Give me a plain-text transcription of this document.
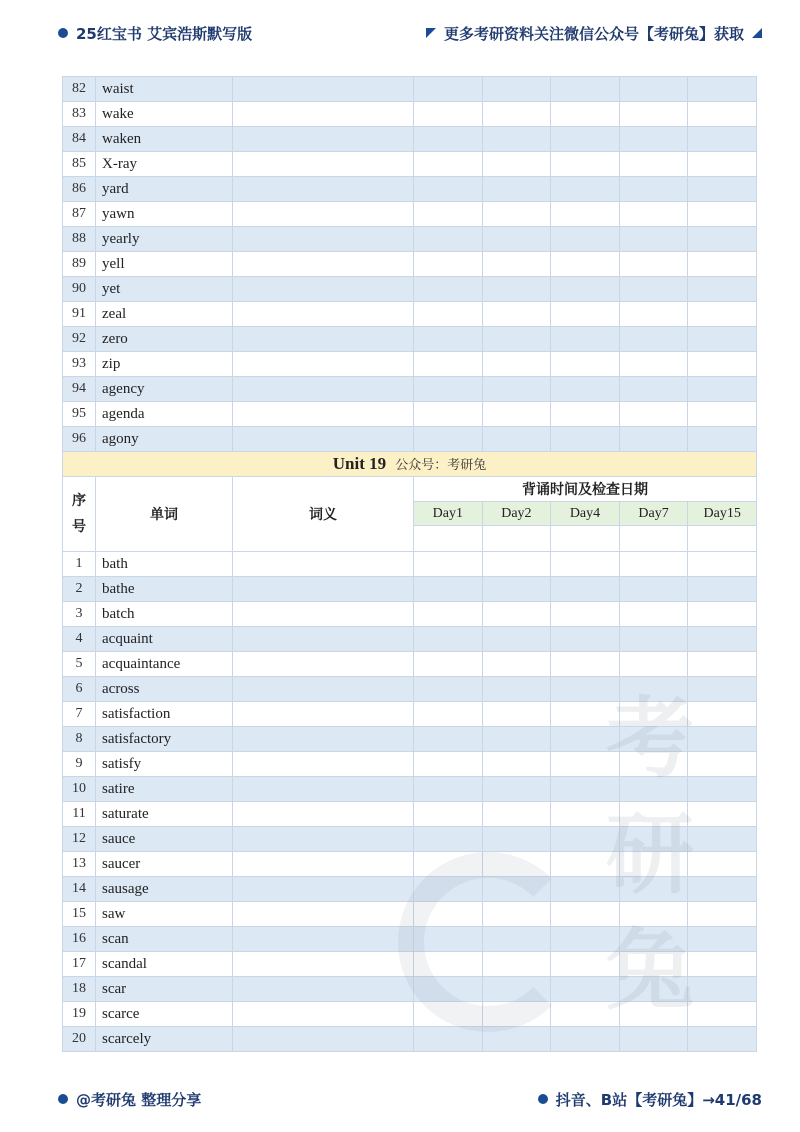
25红宝书 艾宾浩斯默写版	更多考研资料关注微信公众号【考研兔】获取
研
兔
82	waist						
83	wake						
84	waken						
85	X-ray						
86	yard						
87	yawn						
88	yearly						
89	yell						
90	yet						
91	zeal						
92	zero						
93	zip						
94	agency						
95	agenda						
96	agony						
Unit 19 公众号：考研兔							

序
号	单词	词义	背诵时间及检查日期				
			Day1	Day2	Day4	Day7	Day15

1	bath						
2	bathe						
3	batch						
4	acquaint						
5	acquaintance						
6	across						
7	satisfaction						
8	satisfactory						
9	satisfy						
10	satire						
11	saturate						
12	sauce						
13	saucer						
14	sausage						
15	saw						
16	scan						
17	scandal						
18	scar						
19	scarce						
20	scarcely						
@考研兔 整理分享	抖音、B站【考研兔】→41/68
